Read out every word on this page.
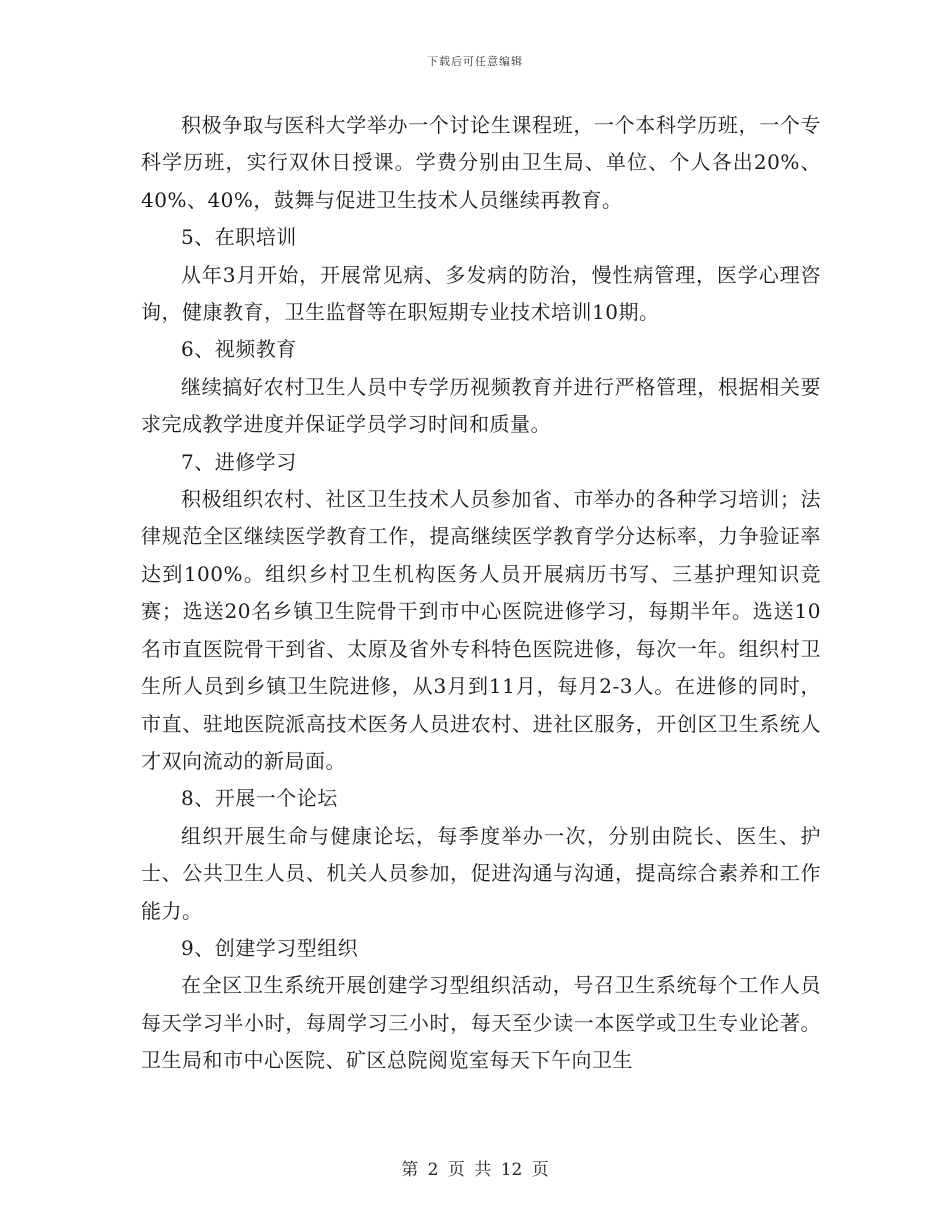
下载后可任意编辑

积极争取与医科大学举办一个讨论生课程班，一个本科学历班，一个专科学历班，实行双休日授课。学费分别由卫生局、单位、个人各出20%、40%、40%，鼓舞与促进卫生技术人员继续再教育。

5、在职培训

从年3月开始，开展常见病、多发病的防治，慢性病管理，医学心理咨询，健康教育，卫生监督等在职短期专业技术培训10期。

6、视频教育

继续搞好农村卫生人员中专学历视频教育并进行严格管理，根据相关要求完成教学进度并保证学员学习时间和质量。

7、进修学习

积极组织农村、社区卫生技术人员参加省、市举办的各种学习培训；法律规范全区继续医学教育工作，提高继续医学教育学分达标率，力争验证率达到100%。组织乡村卫生机构医务人员开展病历书写、三基护理知识竞赛；选送20名乡镇卫生院骨干到市中心医院进修学习，每期半年。选送10名市直医院骨干到省、太原及省外专科特色医院进修，每次一年。组织村卫生所人员到乡镇卫生院进修，从3月到11月，每月2-3人。在进修的同时，市直、驻地医院派高技术医务人员进农村、进社区服务，开创区卫生系统人才双向流动的新局面。

8、开展一个论坛

组织开展生命与健康论坛，每季度举办一次，分别由院长、医生、护士、公共卫生人员、机关人员参加，促进沟通与沟通，提高综合素养和工作能力。

9、创建学习型组织

在全区卫生系统开展创建学习型组织活动，号召卫生系统每个工作人员每天学习半小时，每周学习三小时，每天至少读一本医学或卫生专业论著。卫生局和市中心医院、矿区总院阅览室每天下午向卫生

第 2 页 共 12 页
